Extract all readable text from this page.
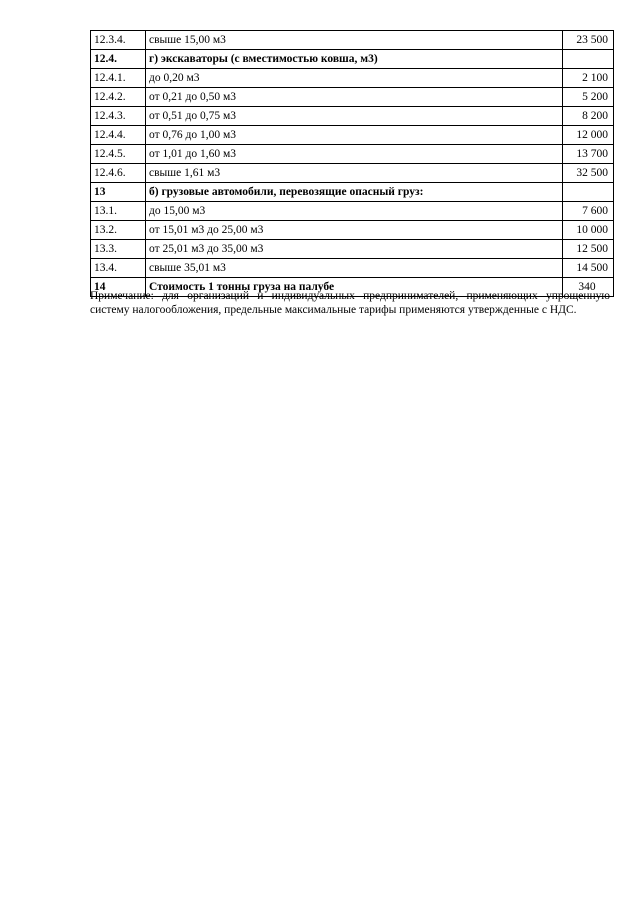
12.3.4.	свыше 15,00 м3	23 500
12.4.	г) экскаваторы (с вместимостью ковша, м3)	
12.4.1.	до 0,20 м3	2 100
12.4.2.	от 0,21 до 0,50 м3	5 200
12.4.3.	от 0,51 до 0,75 м3	8 200
12.4.4.	от 0,76 до 1,00 м3	12 000
12.4.5.	от 1,01 до 1,60 м3	13 700
12.4.6.	свыше 1,61 м3	32 500
13	б) грузовые автомобили, перевозящие опасный груз:	
13.1.	до 15,00 м3	7 600
13.2.	от 15,01 м3 до 25,00 м3	10 000
13.3.	от 25,01 м3 до 35,00 м3	12 500
13.4.	свыше 35,01 м3	14 500
14	Стоимость 1 тонны груза на палубе	340
Примечание: для организаций и индивидуальных предпринимателей, применяющих упрощенную систему налогообложения, предельные максимальные тарифы применяются утвержденные с НДС.
